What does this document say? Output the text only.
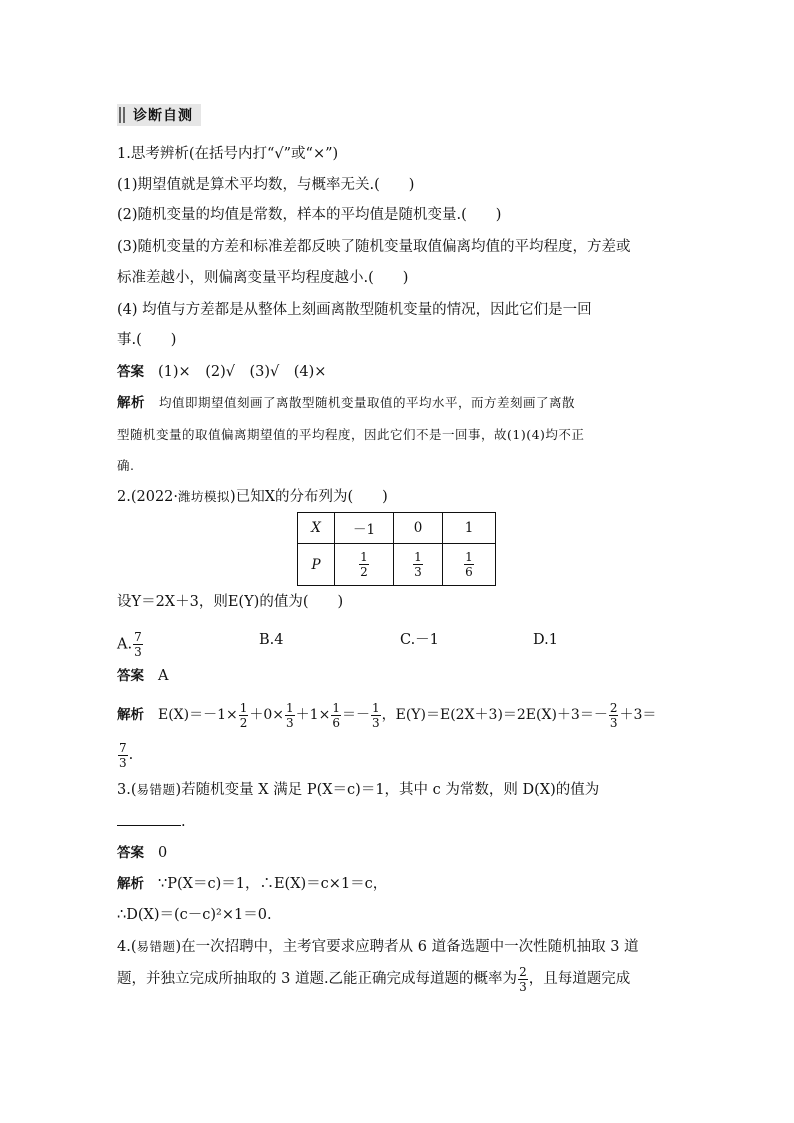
诊断自测
1.思考辨析(在括号内打“√”或“×”)
(1)期望值就是算术平均数，与概率无关.(　　)
(2)随机变量的均值是常数，样本的平均值是随机变量.(　　)
(3)随机变量的方差和标准差都反映了随机变量取值偏离均值的平均程度，方差或
标准差越小，则偏离变量平均程度越小.(　　)
(4) 均值与方差都是从整体上刻画离散型随机变量的情况，因此它们是一回
事.(　　)
答案 (1)×　(2)√　(3)√　(4)×
解析 均值即期望值刻画了离散型随机变量取值的平均水平，而方差刻画了离散
型随机变量的取值偏离期望值的平均程度，因此它们不是一回事，故(1)(4)均不正
确.
2.(2022·潍坊模拟)已知X的分布列为(　　)
X	－1	0	1
P	$\frac{1}{2}$	$\frac{1}{3}$	$\frac{1}{6}$
设Y＝2X＋3，则E(Y)的值为(　　)
A. $\frac{7}{3}$	B.4	C.－1	D.1
答案 A
解析 $E(X)=-1\times \frac{1}{2} +0\times \frac{1}{3} +1\times \frac{1}{6} =- \frac{1}{3}$ ，$E(Y)=E(2X+3)=2E(X)+3=- \frac{2}{3} +3=$
$\frac{7}{3}$ .
3.(易错题)若随机变量 X 满足 P(X＝c)＝1，其中 c 为常数，则 D(X)的值为
.
答案 0
解析 ∵P(X＝c)＝1，∴E(X)＝c×1＝c，
∴D(X)＝(c－c)²×1＝0.
4.(易错题)在一次招聘中，主考官要求应聘者从 6 道备选题中一次性随机抽取 3 道
题，并独立完成所抽取的 3 道题.乙能正确完成每道题的概率为 $\frac{2}{3}$ ，且每道题完成
